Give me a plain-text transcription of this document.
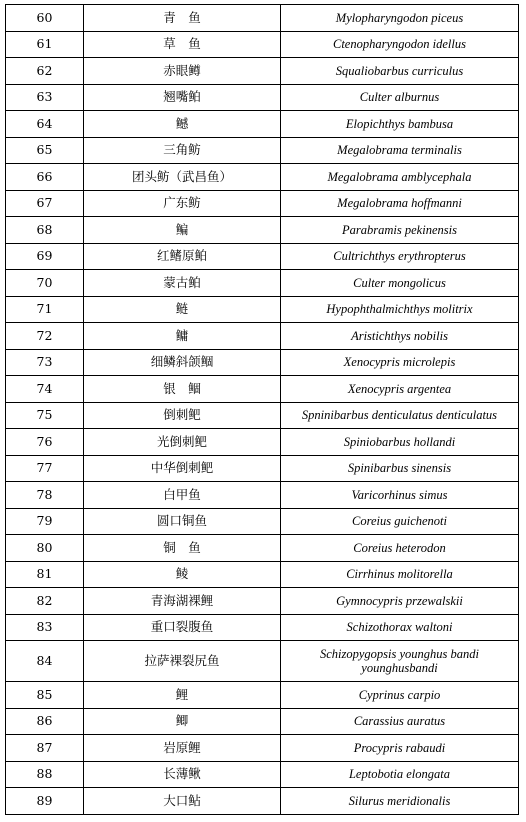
60	青　鱼	Mylopharyngodon piceus
61	草　鱼	Ctenopharyngodon idellus
62	赤眼鳟	Squaliobarbus curriculus
63	翘嘴鲌	Culter alburnus
64	鳡	Elopichthys bambusa
65	三角鲂	Megalobrama terminalis
66	团头鲂（武昌鱼）	Megalobrama amblycephala
67	广东鲂	Megalobrama hoffmanni
68	鳊	Parabramis pekinensis
69	红鳍原鲌	Cultrichthys erythropterus
70	蒙古鲌	Culter mongolicus
71	鲢	Hypophthalmichthys molitrix
72	鳙	Aristichthys nobilis
73	细鳞斜颌鲴	Xenocypris microlepis
74	银　鲴	Xenocypris argentea
75	倒刺鲃	Spninibarbus denticulatus denticulatus
76	光倒刺鲃	Spiniobarbus hollandi
77	中华倒刺鲃	Spinibarbus sinensis
78	白甲鱼	Varicorhinus simus
79	圆口铜鱼	Coreius guichenoti
80	铜　鱼	Coreius heterodon
81	鲮	Cirrhinus molitorella
82	青海湖裸鲤	Gymnocypris przewalskii
83	重口裂腹鱼	Schizothorax waltoni
84	拉萨裸裂尻鱼	Schizopygopsis younghus bandi younghusbandi
85	鲤	Cyprinus carpio
86	鲫	Carassius auratus
87	岩原鲤	Procypris rabaudi
88	长薄鳅	Leptobotia elongata
89	大口鲇	Silurus meridionalis
